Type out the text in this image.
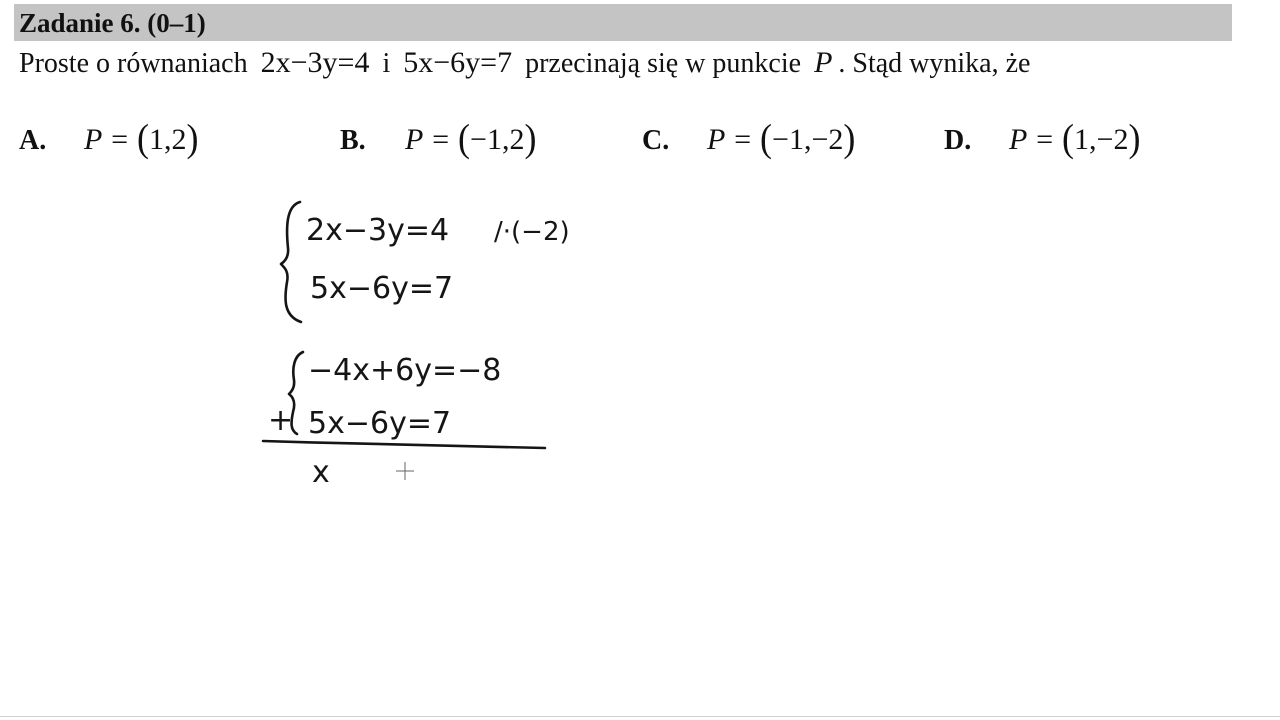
Zadanie 6. (0–1)
Proste o równaniach 2x−3y=4 i 5x−6y=7 przecinają się w punkcie P . Stąd wynika, że
A. P = (1,2)	B. P = (−1,2)	C. P = (−1,−2)	D. P = (1,−2)
2x−3y=4 /·(−2)
5x−6y=7
−4x+6y=−8
+ 5x−6y=7
x
